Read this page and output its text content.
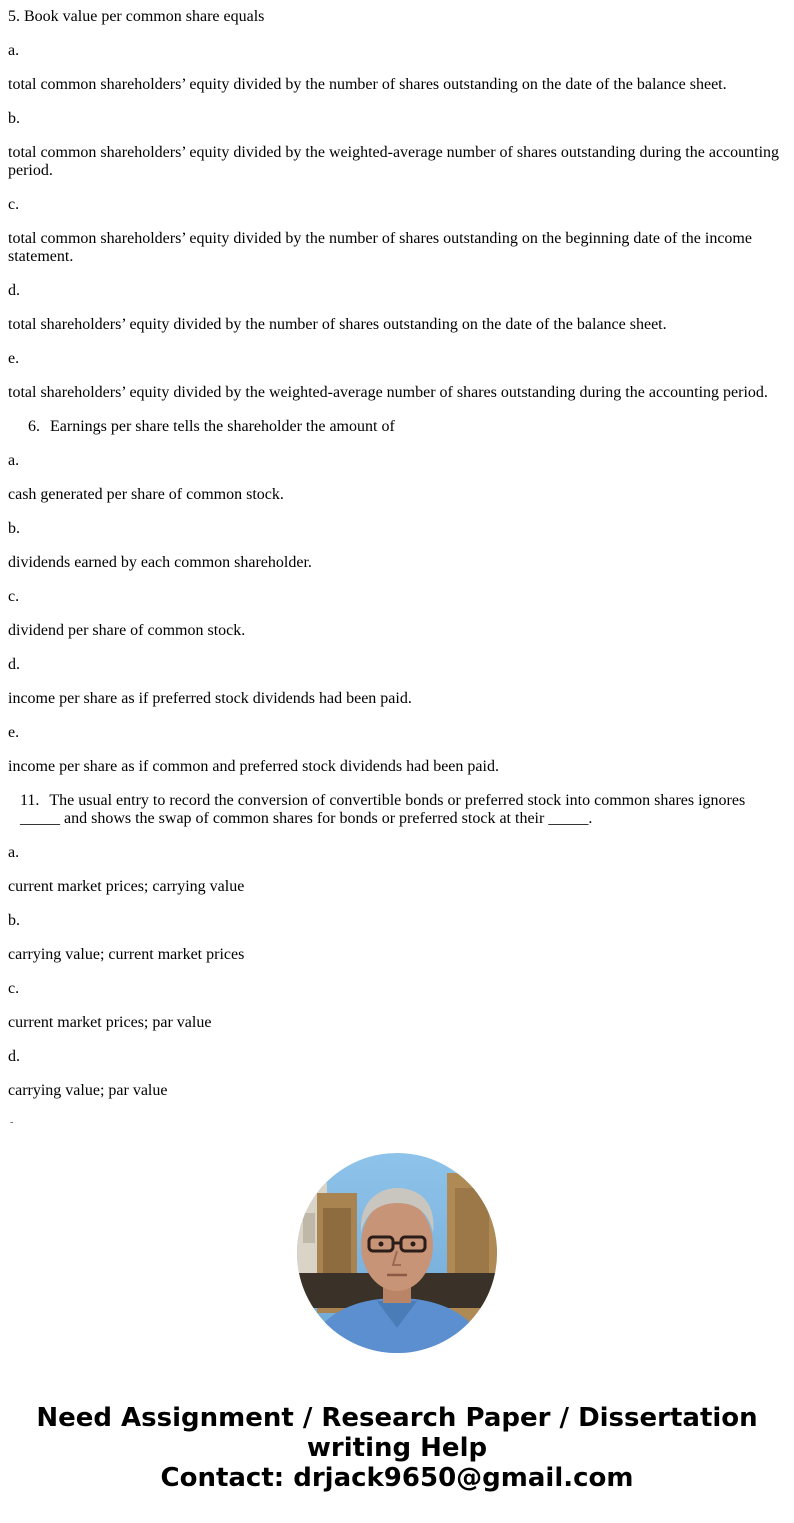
5. Book value per common share equals

a.

total common shareholders’ equity divided by the number of shares outstanding on the date of the balance sheet.

b.

total common shareholders’ equity divided by the weighted-average number of shares outstanding during the accounting period.

c.

total common shareholders’ equity divided by the number of shares outstanding on the beginning date of the income statement.

d.

total shareholders’ equity divided by the number of shares outstanding on the date of the balance sheet.

e.

total shareholders’ equity divided by the weighted-average number of shares outstanding during the accounting period.

6. Earnings per share tells the shareholder the amount of

a.

cash generated per share of common stock.

b.

dividends earned by each common shareholder.

c.

dividend per share of common stock.

d.

income per share as if preferred stock dividends had been paid.

e.

income per share as if common and preferred stock dividends had been paid.

11. The usual entry to record the conversion of convertible bonds or preferred stock into common shares ignores _____ and shows the swap of common shares for bonds or preferred stock at their _____.

a.

current market prices; carrying value

b.

carrying value; current market prices

c.

current market prices; par value

d.

carrying value; par value

-
Need Assignment / Research Paper / Dissertation
writing Help
Contact: drjack9650@gmail.com
